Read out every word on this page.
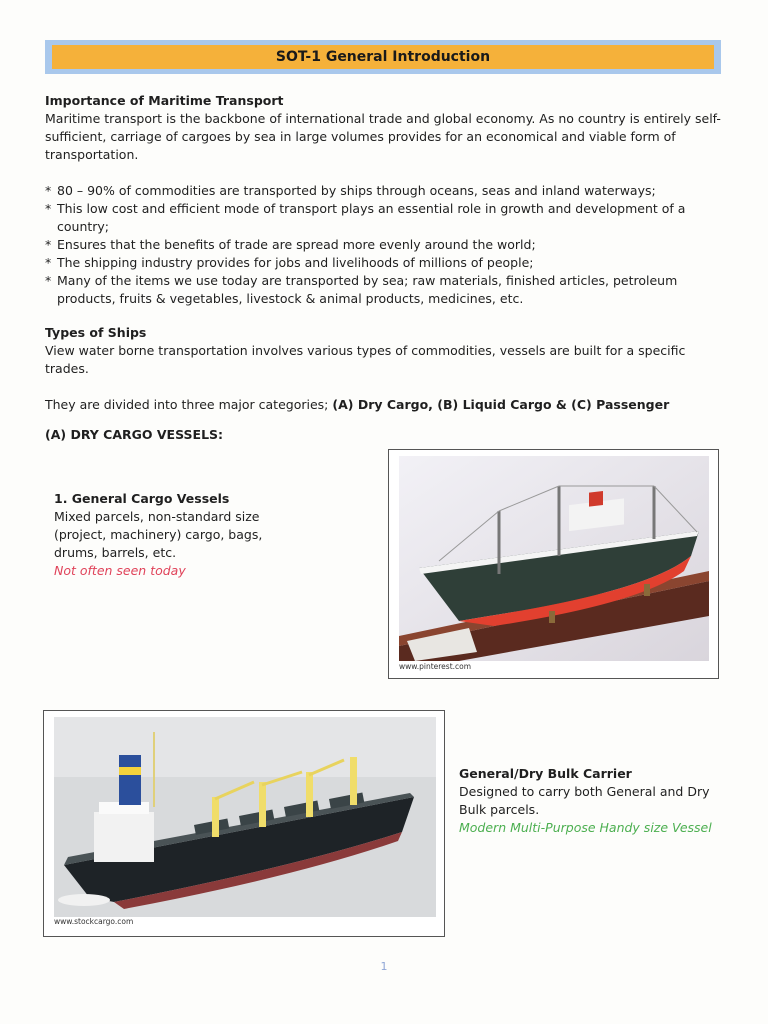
SOT-1 General Introduction
Importance of Maritime Transport

Maritime transport is the backbone of international trade and global economy. As no country is entirely self-sufficient, carriage of cargoes by sea in large volumes provides for an economical and viable form of transportation.

* 80 – 90% of commodities are transported by ships through oceans, seas and inland waterways;
* This low cost and efficient mode of transport plays an essential role in growth and development of a country;
* Ensures that the benefits of trade are spread more evenly around the world;
* The shipping industry provides for jobs and livelihoods of millions of people;
* Many of the items we use today are transported by sea; raw materials, finished articles, petroleum products, fruits & vegetables, livestock & animal products, medicines, etc.
Types of Ships

View water borne transportation involves various types of commodities, vessels are built for a specific trades.

They are divided into three major categories; (A) Dry Cargo, (B) Liquid Cargo & (C) Passenger

(A) DRY CARGO VESSELS:

1. General Cargo Vessels

Mixed parcels, non-standard size (project, machinery) cargo, bags, drums, barrels, etc.

Not often seen today

www.pinterest.com
www.stockcargo.com
General/Dry Bulk Carrier

Designed to carry both General and Dry Bulk parcels.

Modern Multi-Purpose Handy size Vessel

1
